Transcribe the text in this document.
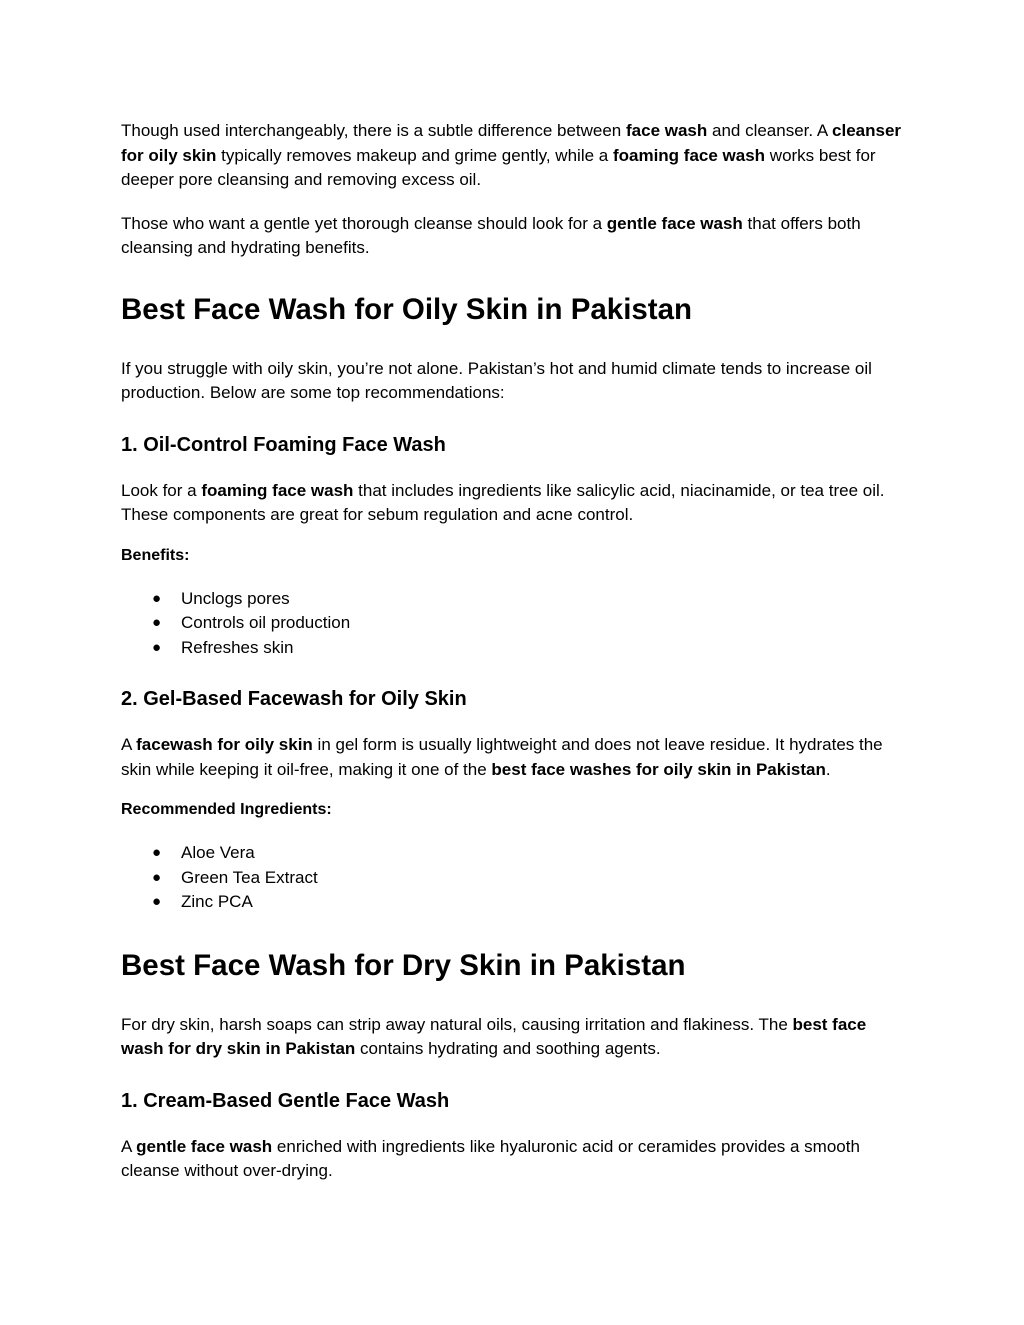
Though used interchangeably, there is a subtle difference between face wash and cleanser. A cleanser for oily skin typically removes makeup and grime gently, while a foaming face wash works best for deeper pore cleansing and removing excess oil.

Those who want a gentle yet thorough cleanse should look for a gentle face wash that offers both cleansing and hydrating benefits.

Best Face Wash for Oily Skin in Pakistan

If you struggle with oily skin, you’re not alone. Pakistan’s hot and humid climate tends to increase oil production. Below are some top recommendations:

1. Oil-Control Foaming Face Wash

Look for a foaming face wash that includes ingredients like salicylic acid, niacinamide, or tea tree oil. These components are great for sebum regulation and acne control.

Benefits:

● Unclogs pores
● Controls oil production
● Refreshes skin
2. Gel-Based Facewash for Oily Skin

A facewash for oily skin in gel form is usually lightweight and does not leave residue. It hydrates the skin while keeping it oil-free, making it one of the best face washes for oily skin in Pakistan.

Recommended Ingredients:

● Aloe Vera
● Green Tea Extract
● Zinc PCA
Best Face Wash for Dry Skin in Pakistan

For dry skin, harsh soaps can strip away natural oils, causing irritation and flakiness. The best face wash for dry skin in Pakistan contains hydrating and soothing agents.

1. Cream-Based Gentle Face Wash

A gentle face wash enriched with ingredients like hyaluronic acid or ceramides provides a smooth cleanse without over-drying.
